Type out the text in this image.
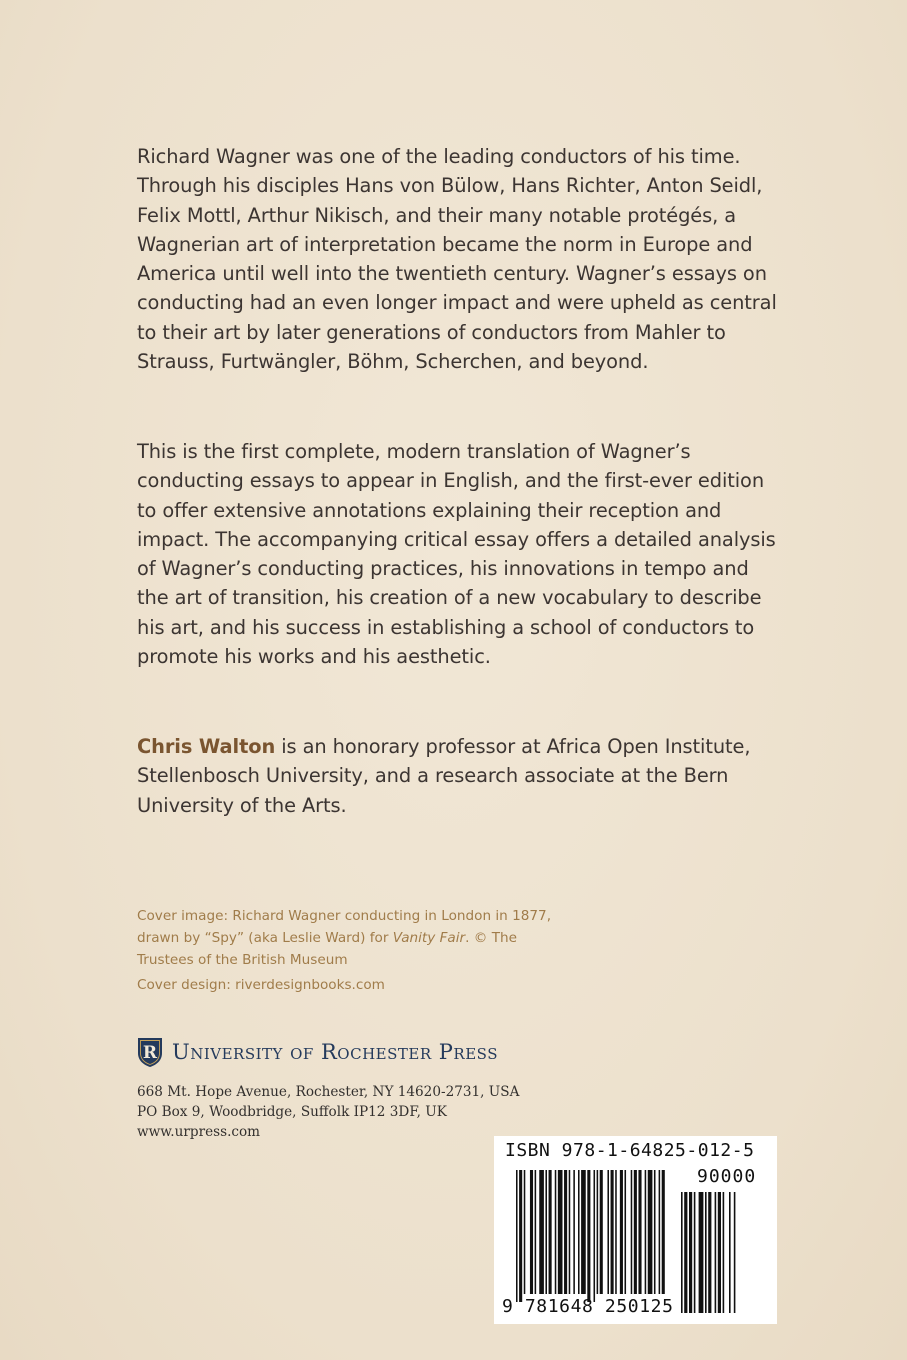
Richard Wagner was one of the leading conductors of his time. Through his disciples Hans von Bülow, Hans Richter, Anton Seidl, Felix Mottl, Arthur Nikisch, and their many notable protégés, a Wagnerian art of interpretation became the norm in Europe and America until well into the twentieth century. Wagner’s essays on conducting had an even longer impact and were upheld as central to their art by later generations of conductors from Mahler to Strauss, Furtwängler, Böhm, Scherchen, and beyond.

This is the first complete, modern translation of Wagner’s conducting essays to appear in English, and the first-ever edition to offer extensive annotations explaining their reception and impact. The accompanying critical essay offers a detailed analysis of Wagner’s conducting practices, his innovations in tempo and the art of transition, his creation of a new vocabulary to describe his art, and his success in establishing a school of conductors to promote his works and his aesthetic.

Chris Walton is an honorary professor at Africa Open Institute, Stellenbosch University, and a research associate at the Bern University of the Arts.

Cover image: Richard Wagner conducting in London in 1877, drawn by “Spy” (aka Leslie Ward) for Vanity Fair. © The Trustees of the British Museum

Cover design: riverdesignbooks.com

R University of Rochester Press
668 Mt. Hope Avenue, Rochester, NY 14620-2731, USA
PO Box 9, Woodbridge, Suffolk IP12 3DF, UK
www.urpress.com
ISBN 978-1-64825-012-5
90000
9 781648 250125
